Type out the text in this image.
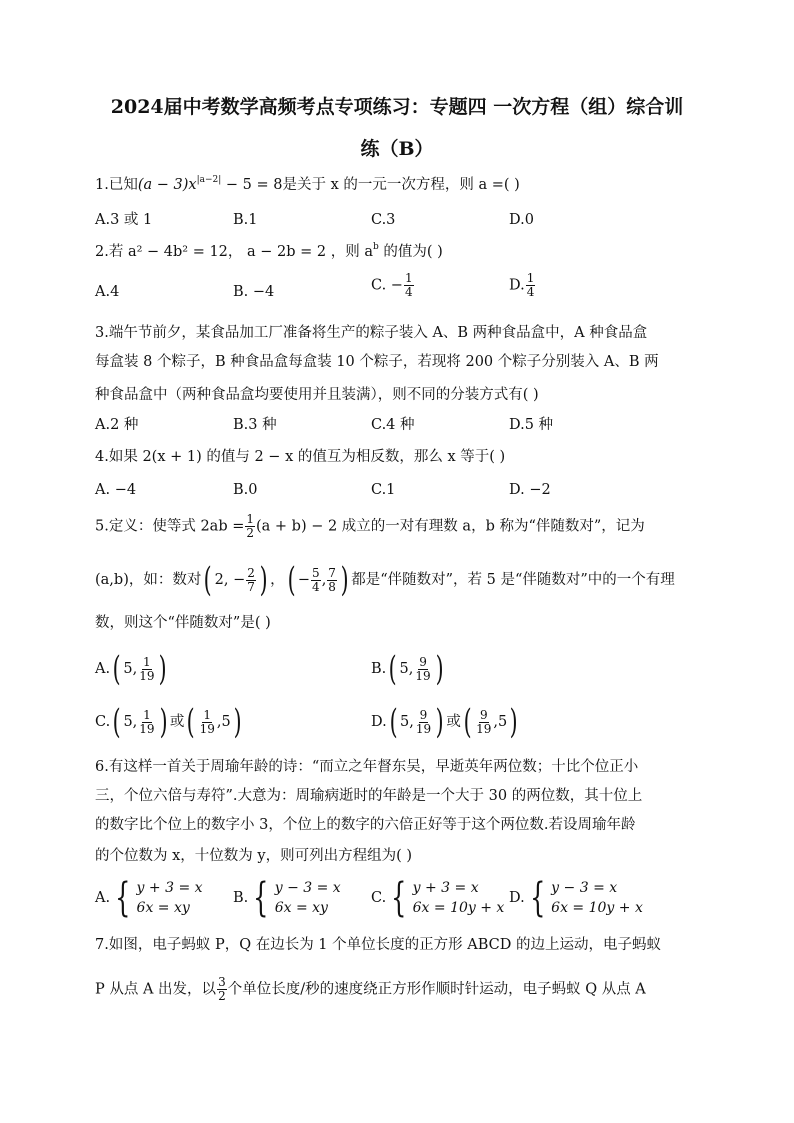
2024届中考数学高频考点专项练习：专题四 一次方程（组）综合训
练（B）
1.已知$(a - 3)x^{|a-2|} - 5 = 8$是关于 x 的一元一次方程，则 a =( )
A.3 或 1	B.1	C.3	D.0
2.若 a² − 4b² = 12， a − 2b = 2 ，则 $a^b$ 的值为( )
A.4	B. −4	C. − $\frac{1}{4}$	D. $\frac{1}{4}$
3.端午节前夕，某食品加工厂准备将生产的粽子装入 A、B 两种食品盒中，A 种食品盒
每盒装 8 个粽子，B 种食品盒每盒装 10 个粽子，若现将 200 个粽子分别装入 A、B 两
种食品盒中（两种食品盒均要使用并且装满），则不同的分装方式有( )
A.2 种	B.3 种	C.4 种	D.5 种
4.如果 2(x + 1) 的值与 2 − x 的值互为相反数，那么 x 等于( )
A. −4	B.0	C.1	D. −2
5.定义：使等式 $2ab = \frac{1}{2} (a + b) - 2$ 成立的一对有理数 a，b 称为“伴随数对”，记为
(a,b)，如：数对 ( 2, − $\frac{2}{7}$ ) ， ( − $\frac{5}{4}$ , $\frac{7}{8}$ ) 都是“伴随数对”，若 5 是“伴随数对”中的一个有理
数，则这个“伴随数对”是( )
A. ( 5, $\frac{1}{19}$ )	B. ( 5, $\frac{9}{19}$ )
C. ( 5, $\frac{1}{19}$ ) 或 ( $\frac{1}{19} ,5$ )	D. ( 5, $\frac{9}{19}$ ) 或 ( $\frac{9}{19} ,5$ )
6.有这样一首关于周瑜年龄的诗：“而立之年督东吴，早逝英年两位数；十比个位正小
三，个位六倍与寿符”.大意为：周瑜病逝时的年龄是一个大于 30 的两位数，其十位上
的数字比个位上的数字小 3，个位上的数字的六倍正好等于这个两位数.若设周瑜年龄
的个位数为 x，十位数为 y，则可列出方程组为( )
A. { y + 3 = x
6x = xy
B. { y − 3 = x
6x = xy
C. { y + 3 = x
6x = 10y + x
D. { y − 3 = x
6x = 10y + x
7.如图，电子蚂蚁 P，Q 在边长为 1 个单位长度的正方形 ABCD 的边上运动，电子蚂蚁
P 从点 A 出发，以 $\frac{3}{2}$ 个单位长度/秒的速度绕正方形作顺时针运动，电子蚂蚁 Q 从点 A
